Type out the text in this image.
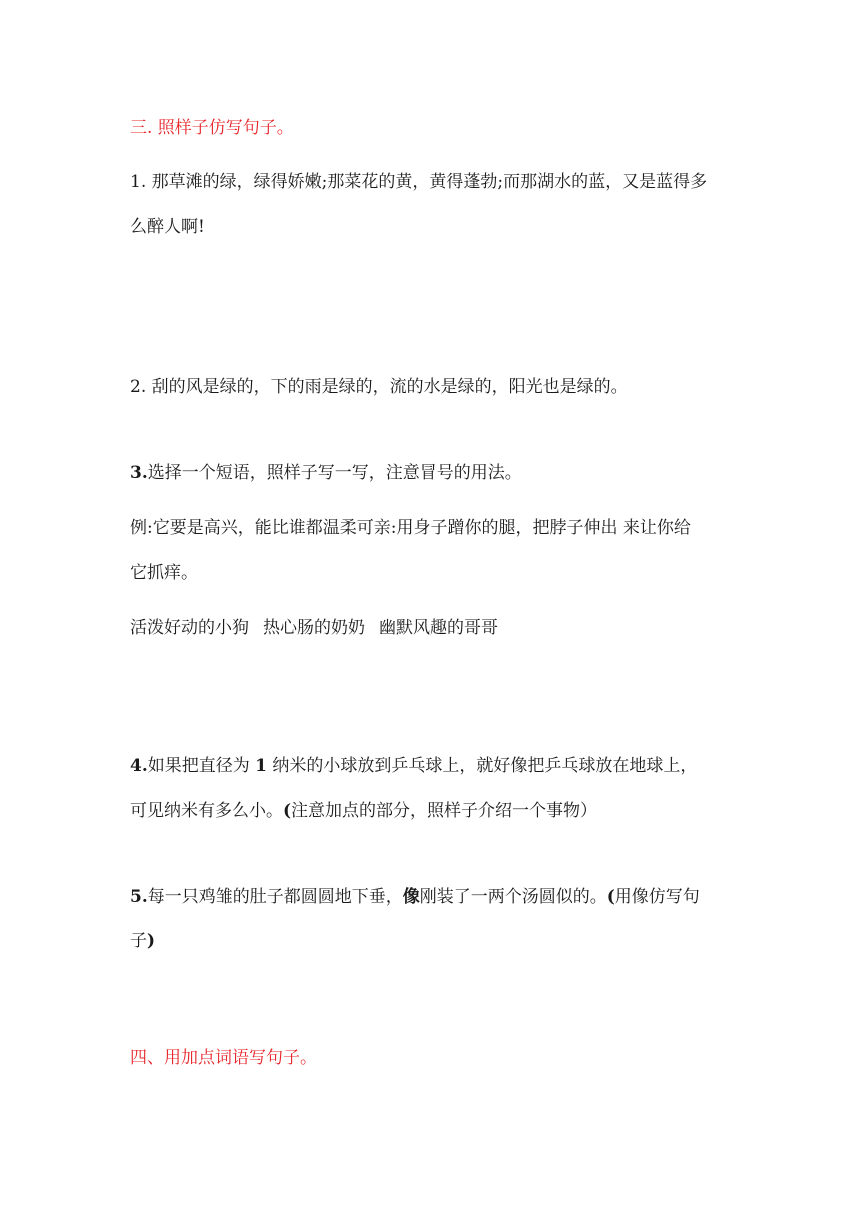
三. 照样子仿写句子。
1. 那草滩的绿，绿得娇嫩;那菜花的黄，黄得蓬勃;而那湖水的蓝，又是蓝得多
么醉人啊!
2. 刮的风是绿的，下的雨是绿的，流的水是绿的，阳光也是绿的。
3.选择一个短语，照样子写一写，注意冒号的用法。
例:它要是高兴，能比谁都温柔可亲:用身子蹭你的腿，把脖子伸出 来让你给
它抓痒。
活泼好动的小狗 热心肠的奶奶 幽默风趣的哥哥
4.如果把直径为 1 纳米的小球放到乒乓球上，就好像把乒乓球放在地球上，
可见纳米有多么小。(注意加点的部分，照样子介绍一个事物）
5.每一只鸡雏的肚子都圆圆地下垂，像刚装了一两个汤圆似的。(用像仿写句
子)
四、用加点词语写句子。
